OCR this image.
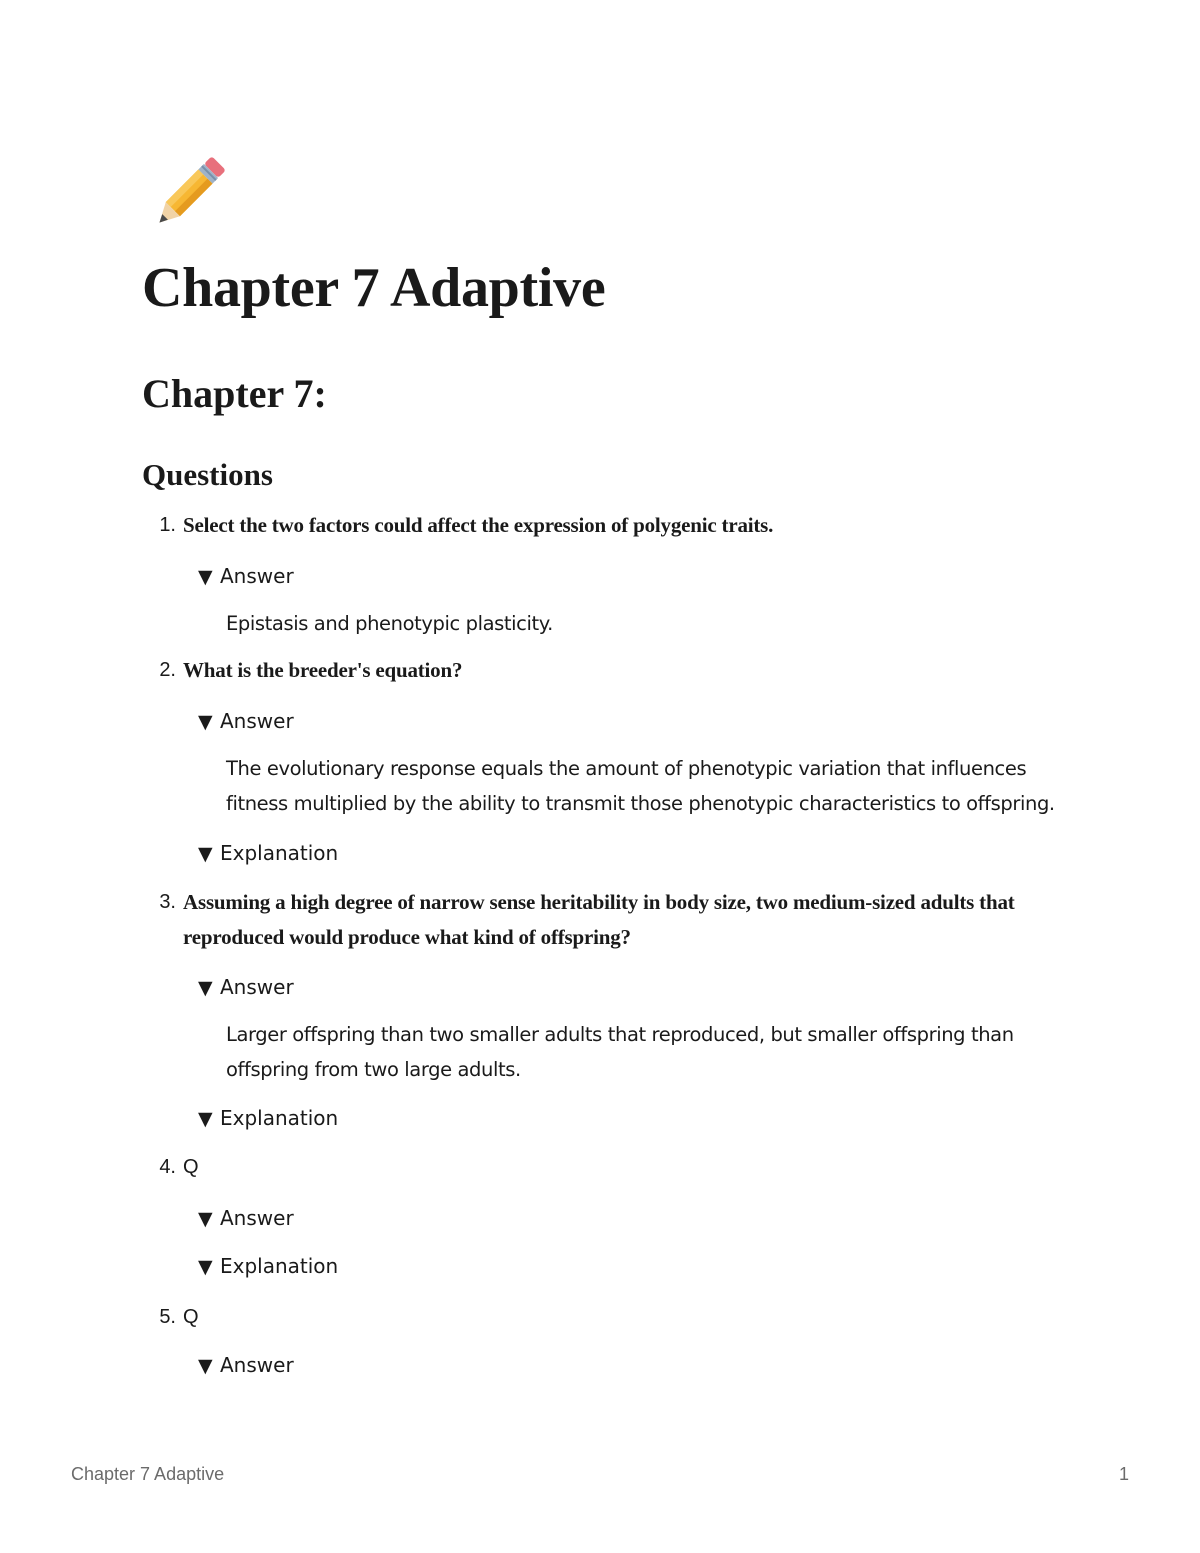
Chapter 7 Adaptive
Chapter 7:
Questions
1. Select the two factors could affect the expression of polygenic traits.
▼ Answer
Epistasis and phenotypic plasticity.
2. What is the breeder's equation?
▼ Answer
The evolutionary response equals the amount of phenotypic variation that influences fitness multiplied by the ability to transmit those phenotypic characteristics to offspring.
▼ Explanation
3. Assuming a high degree of narrow sense heritability in body size, two medium-sized adults that reproduced would produce what kind of offspring?
▼ Answer
Larger offspring than two smaller adults that reproduced, but smaller offspring than offspring from two large adults.
▼ Explanation
4. Q
▼ Answer
▼ Explanation
5. Q
▼ Answer
Chapter 7 Adaptive	1
